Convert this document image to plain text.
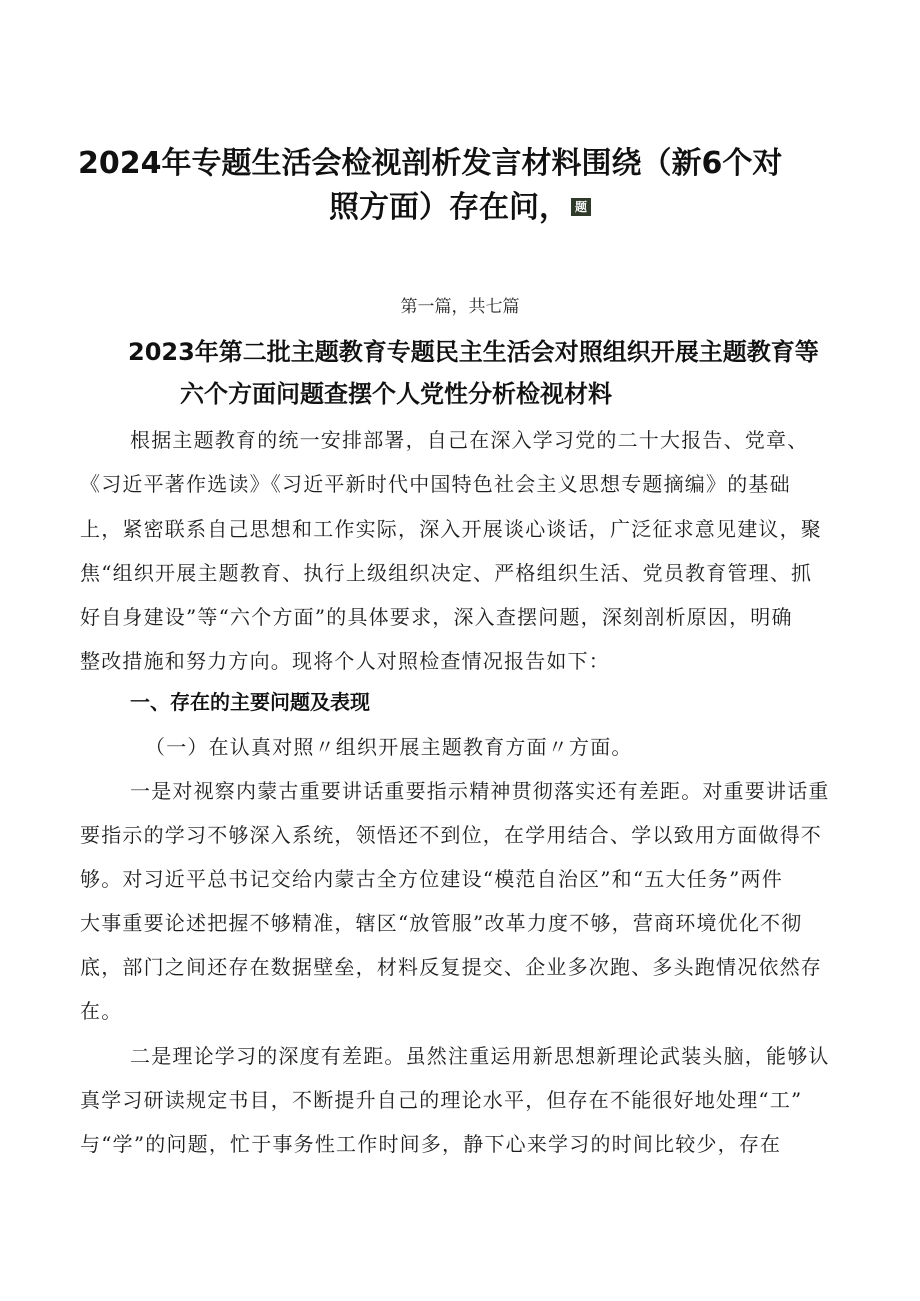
2024年专题生活会检视剖析发言材料围绕（新6个对
照方面）存在问， 题
第一篇，共七篇
2023年第二批主题教育专题民主生活会对照组织开展主题教育等
六个方面问题查摆个人党性分析检视材料
根据主题教育的统一安排部署，自己在深入学习党的二十大报告、党章、
《习近平著作选读》《习近平新时代中国特色社会主义思想专题摘编》的基础
上，紧密联系自己思想和工作实际，深入开展谈心谈话，广泛征求意见建议，聚
焦“组织开展主题教育、执行上级组织决定、严格组织生活、党员教育管理、抓
好自身建设”等“六个方面”的具体要求，深入查摆问题，深刻剖析原因，明确
整改措施和努力方向。现将个人对照检查情况报告如下：
一、存在的主要问题及表现
（一）在认真对照〃组织开展主题教育方面〃方面。
一是对视察内蒙古重要讲话重要指示精神贯彻落实还有差距。对重要讲话重
要指示的学习不够深入系统，领悟还不到位，在学用结合、学以致用方面做得不
够。对习近平总书记交给内蒙古全方位建设“模范自治区”和“五大任务”两件
大事重要论述把握不够精准，辖区“放管服”改革力度不够，营商环境优化不彻
底，部门之间还存在数据壁垒，材料反复提交、企业多次跑、多头跑情况依然存
在。
二是理论学习的深度有差距。虽然注重运用新思想新理论武装头脑，能够认
真学习研读规定书目，不断提升自己的理论水平，但存在不能很好地处理“工”
与“学”的问题，忙于事务性工作时间多，静下心来学习的时间比较少，存在
